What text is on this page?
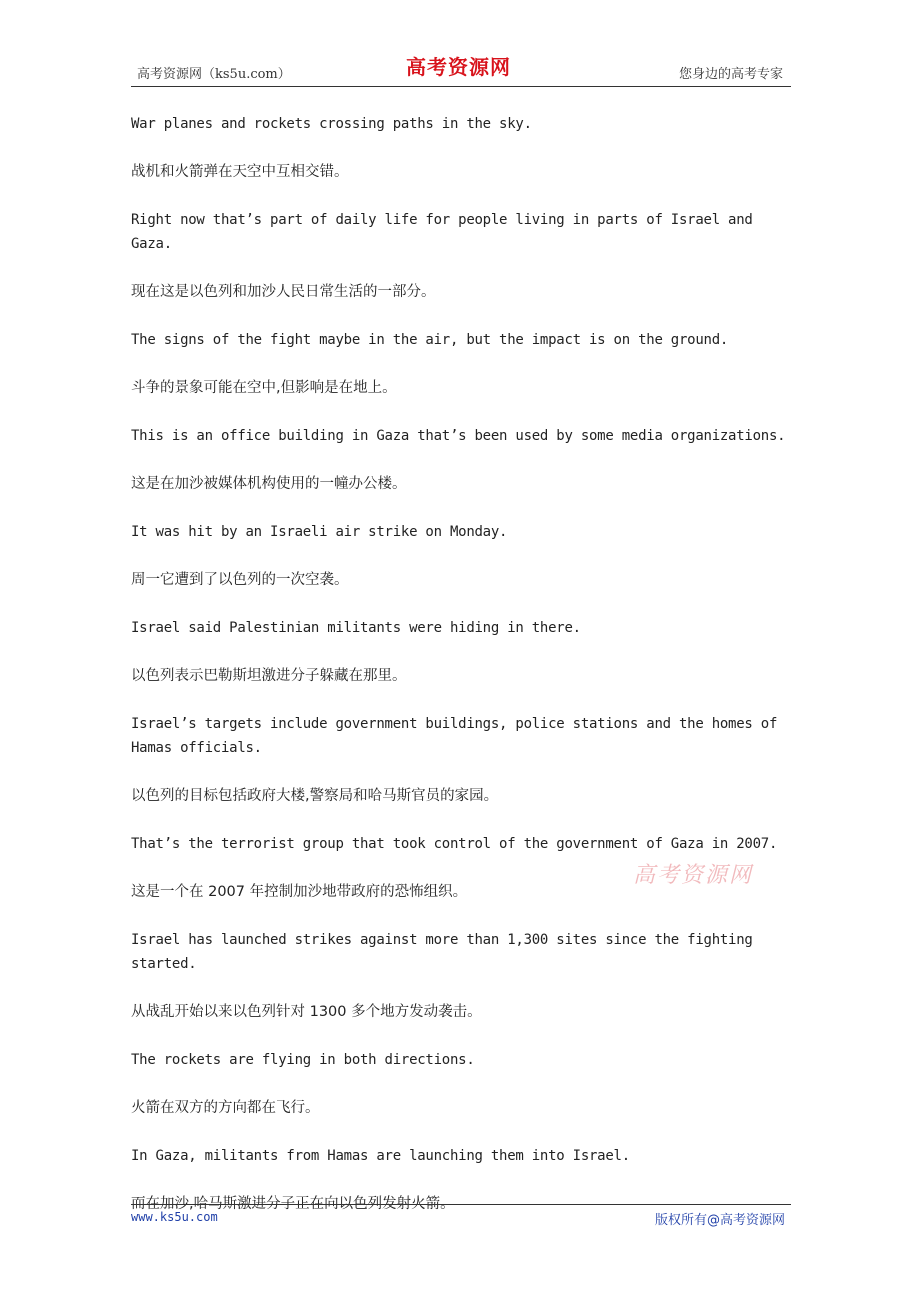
高考资源网（ks5u.com）	高考资源网	您身边的高考专家

War planes and rockets crossing paths in the sky.

战机和火箭弹在天空中互相交错。

Right now that’s part of daily life for people living in parts of Israel and Gaza.

现在这是以色列和加沙人民日常生活的一部分。

The signs of the fight maybe in the air, but the impact is on the ground.

斗争的景象可能在空中,但影响是在地上。

This is an office building in Gaza that’s been used by some media organizations.

这是在加沙被媒体机构使用的一幢办公楼。

It was hit by an Israeli air strike on Monday.

周一它遭到了以色列的一次空袭。

Israel said Palestinian militants were hiding in there.

以色列表示巴勒斯坦激进分子躲藏在那里。

Israel’s targets include government buildings, police stations and the homes of Hamas officials.

以色列的目标包括政府大楼,警察局和哈马斯官员的家园。

That’s the terrorist group that took control of the government of Gaza in 2007.

这是一个在 2007 年控制加沙地带政府的恐怖组织。

Israel has launched strikes against more than 1,300 sites since the fighting started.

从战乱开始以来以色列针对 1300 多个地方发动袭击。

The rockets are flying in both directions.

火箭在双方的方向都在飞行。

In Gaza, militants from Hamas are launching them into Israel.

而在加沙,哈马斯激进分子正在向以色列发射火箭。

高考资源网
www.ks5u.com	版权所有@高考资源网
